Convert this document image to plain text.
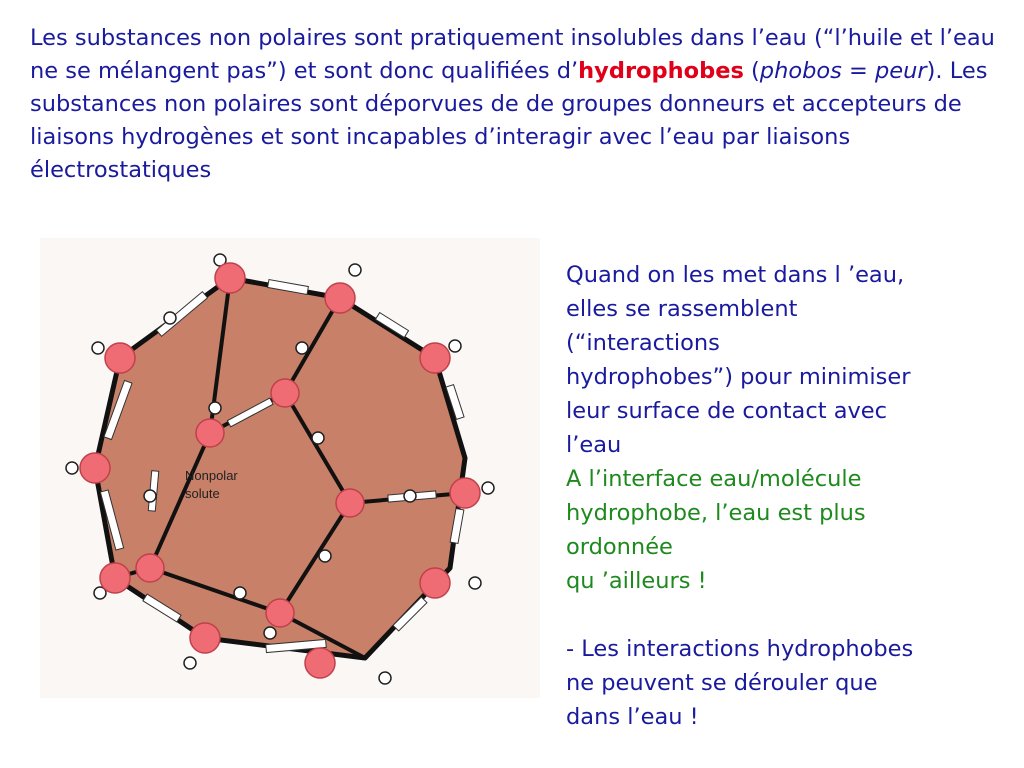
Les substances non polaires sont pratiquement insolubles dans l’eau (“l’huile et l’eau ne se mélangent pas”) et sont donc qualifiées d’hydrophobes (phobos = peur). Les substances non polaires sont déporvues de de groupes donneurs et accepteurs de liaisons hydrogènes et sont incapables d’interagir avec l’eau par liaisons électrostatiques

Nonpolar
solute
Quand on les met dans l ’eau,
elles se rassemblent
(“interactions
hydrophobes”) pour minimiser
leur surface de contact avec
l’eau
A l’interface eau/molécule
hydrophobe, l’eau est plus
ordonnée
qu ’ailleurs !
- Les interactions hydrophobes
ne peuvent se dérouler que
dans l’eau !
